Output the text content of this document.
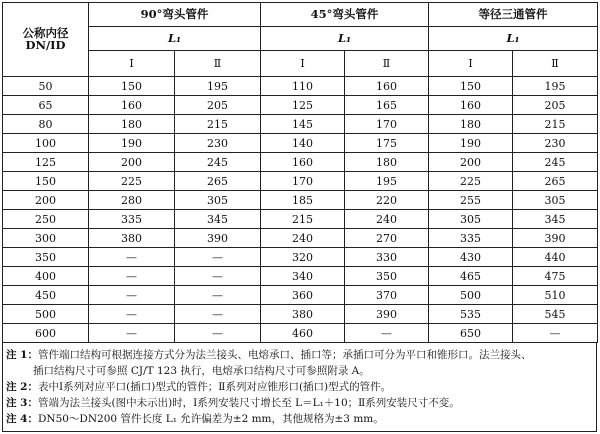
公称内径
DN/ID	90°弯头管件		45°弯头管件		等径三通管件	
	L₁		L₁		L₁	
	Ⅰ	Ⅱ	Ⅰ	Ⅱ	Ⅰ	Ⅱ
50	150	195	110	160	150	195
65	160	205	125	165	160	205
80	180	215	145	170	180	215
100	190	230	140	175	190	230
125	200	245	160	180	200	245
150	225	265	170	195	225	265
200	280	305	185	220	255	305
250	335	345	215	240	305	345
300	380	390	240	270	335	390
350	—	—	320	330	430	440
400	—	—	340	350	465	475
450	—	—	360	370	500	510
500	—	—	380	390	535	545
600	—	—	460	—	650	—
注 1：管件端口结构可根据连接方式分为法兰接头、电熔承口、插口等；承插口可分为平口和锥形口。法兰接头、
插口结构尺寸可参照 CJ/T 123 执行，电熔承口结构尺寸可参照附录 A。
注 2：表中Ⅰ系列对应平口(插口)型式的管件；Ⅱ系列对应锥形口(插口)型式的管件。
注 3：管端为法兰接头(图中未示出)时，Ⅰ系列安装尺寸增长至 L＝L₁＋10；Ⅱ系列安装尺寸不变。
注 4：DN50～DN200 管件长度 L₁ 允许偏差为±2 mm，其他规格为±3 mm。
